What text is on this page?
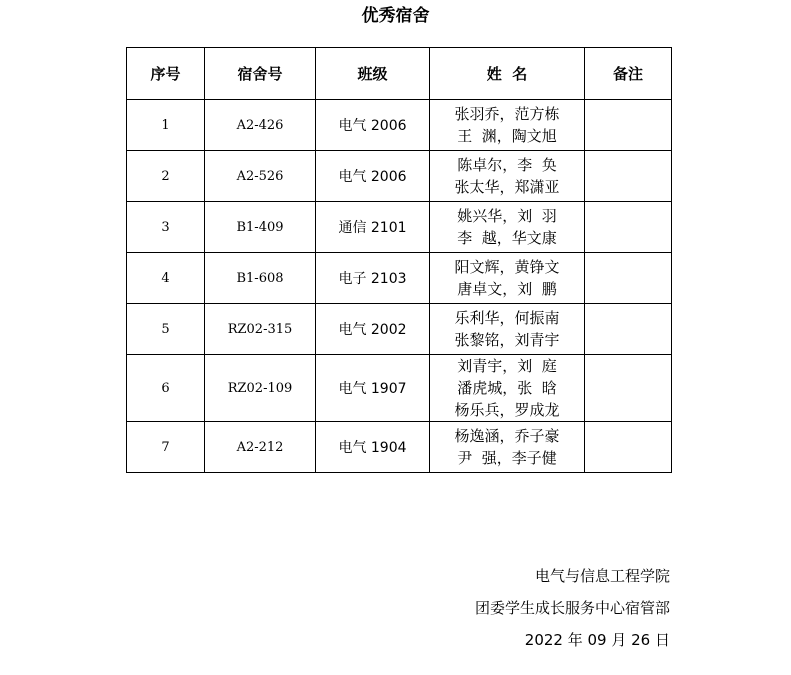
优秀宿舍
序号	宿舍号	班级	姓  名	备注
1	A2-426	电气 2006	张羽乔，范方栋
王  渊，陶文旭	

2	A2-526	电气 2006	陈卓尔，李  奂
张太华，郑潇亚	

3	B1-409	通信 2101	姚兴华，刘  羽
李  越，华文康	

4	B1-608	电子 2103	阳文辉，黄铮文
唐卓文，刘  鹏	

5	RZ02-315	电气 2002	乐利华，何振南
张黎铭，刘青宇	

6	RZ02-109	电气 1907	刘青宇，刘  庭
潘虎城，张  晗
杨乐兵，罗成龙	

7	A2-212	电气 1904	杨逸涵，乔子豪
尹  强，李子健	

电气与信息工程学院
团委学生成长服务中心宿管部
2022 年 09 月 26 日
